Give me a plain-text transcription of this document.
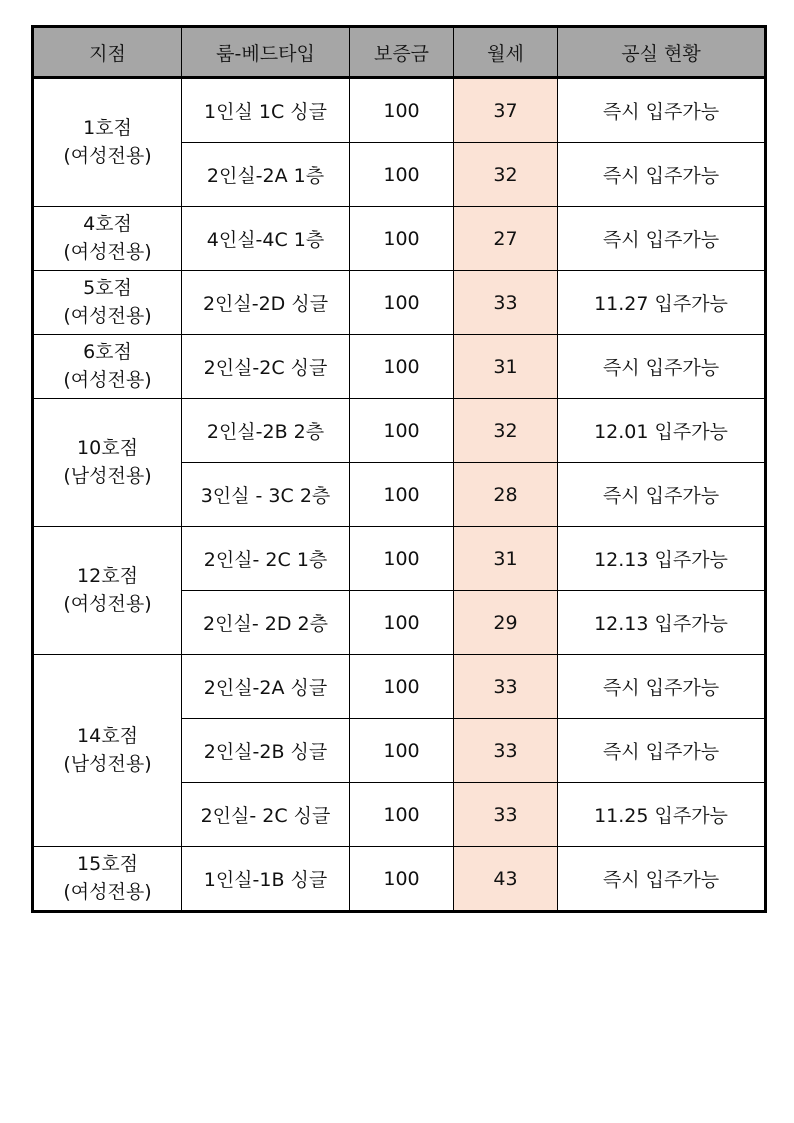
지점	룸-베드타입	보증금	월세	공실 현황

1호점
(여성전용)	1인실 1C 싱글	100	37	즉시 입주가능
	2인실-2A 1층	100	32	즉시 입주가능

4호점
(여성전용)	4인실-4C 1층	100	27	즉시 입주가능

5호점
(여성전용)	2인실-2D 싱글	100	33	11.27 입주가능

6호점
(여성전용)	2인실-2C 싱글	100	31	즉시 입주가능

10호점
(남성전용)	2인실-2B 2층	100	32	12.01 입주가능
	3인실 - 3C 2층	100	28	즉시 입주가능

12호점
(여성전용)	2인실- 2C 1층	100	31	12.13 입주가능
	2인실- 2D 2층	100	29	12.13 입주가능

14호점
(남성전용)	2인실-2A 싱글	100	33	즉시 입주가능
	2인실-2B 싱글	100	33	즉시 입주가능
	2인실- 2C 싱글	100	33	11.25 입주가능

15호점
(여성전용)	1인실-1B 싱글	100	43	즉시 입주가능
